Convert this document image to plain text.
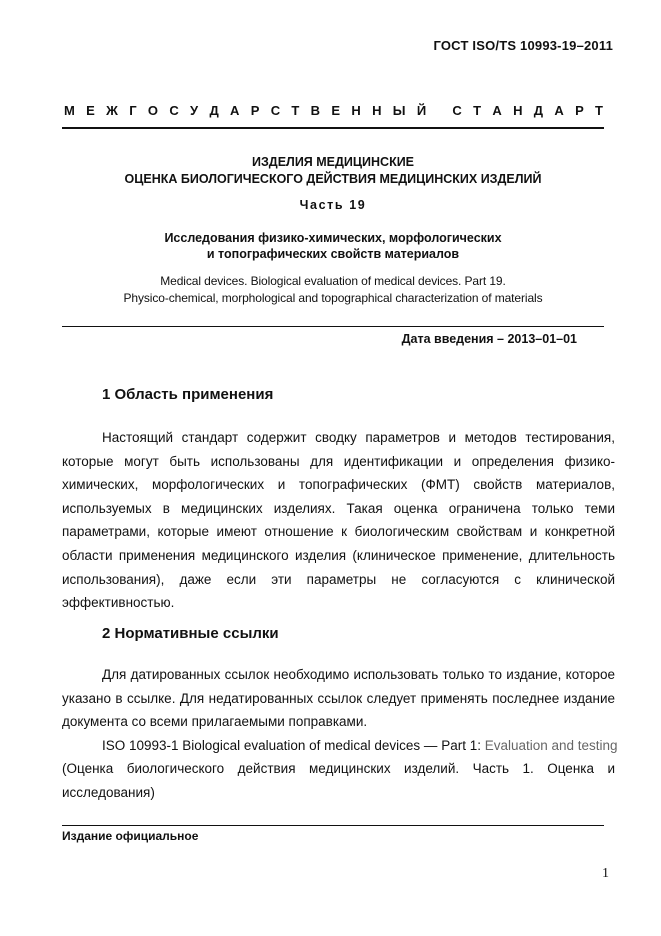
ГОСТ ISO/TS 10993-19–2011
М Е Ж Г О С У Д А Р С Т В Е Н Н Ы Й
С Т А Н Д А Р Т
ИЗДЕЛИЯ МЕДИЦИНСКИЕ
ОЦЕНКА БИОЛОГИЧЕСКОГО ДЕЙСТВИЯ МЕДИЦИНСКИХ ИЗДЕЛИЙ
Часть 19
Исследования физико-химических, морфологических
и топографических свойств материалов
Medical devices. Biological evaluation of medical devices. Part 19.
Physico-chemical, morphological and topographical characterization of materials
Дата введения – 2013–01–01
1 Область применения
Настоящий стандарт содержит сводку параметров и методов тестирования,
которые могут быть использованы для идентификации и определения физико-
химических, морфологических и топографических (ФМТ) свойств материалов,
используемых в медицинских изделиях. Такая оценка ограничена только теми
параметрами, которые имеют отношение к биологическим свойствам и конкретной
области применения медицинского изделия (клиническое применение, длительность
использования), даже если эти параметры не согласуются с клинической
эффективностью.
2 Нормативные ссылки
Для датированных ссылок необходимо использовать только то издание, которое
указано в ссылке. Для недатированных ссылок следует применять последнее издание
документа со всеми прилагаемыми поправками.
ISO 10993-1 Biological evaluation of medical devices — Part 1: Evaluation and testing
(Оценка биологического действия медицинских изделий. Часть 1. Оценка и
исследования)
Издание официальное
1
